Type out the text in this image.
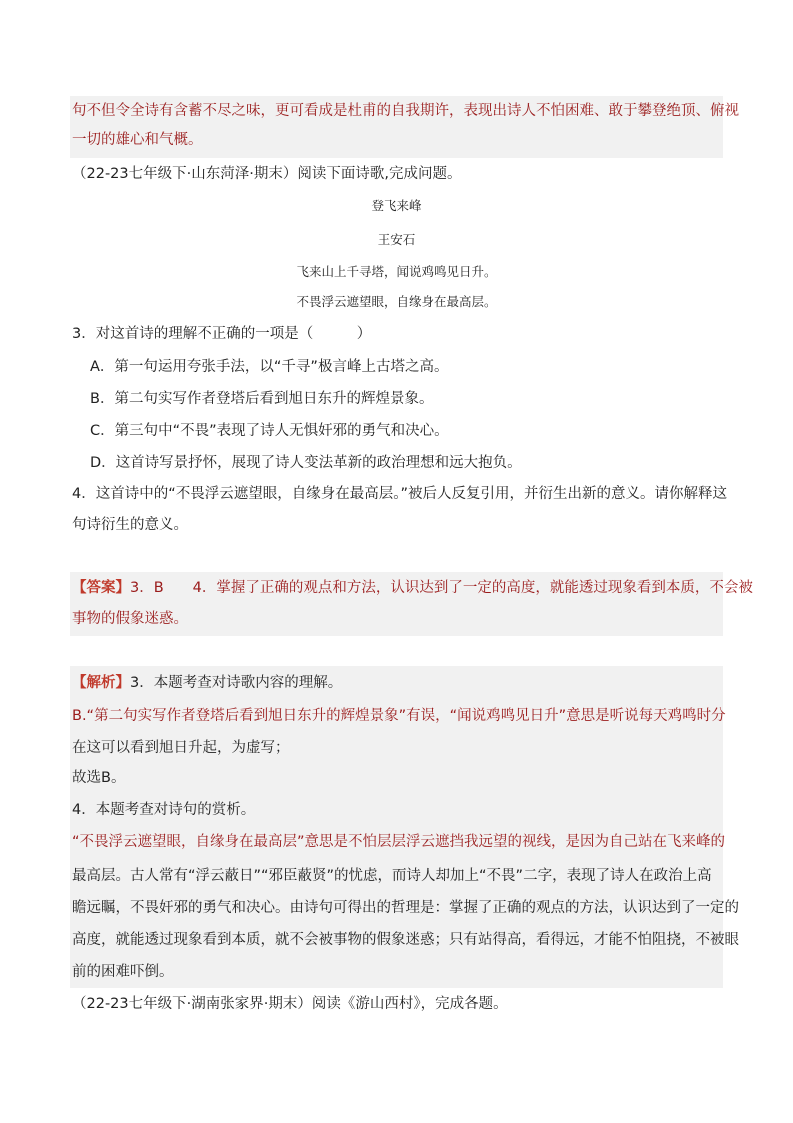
句不但令全诗有含蓄不尽之味，更可看成是杜甫的自我期许，表现出诗人不怕困难、敢于攀登绝顶、俯视
一切的雄心和气概。
（22-23七年级下·山东菏泽·期末）阅读下面诗歌,完成问题。
登飞来峰
王安石
飞来山上千寻塔，闻说鸡鸣见日升。
不畏浮云遮望眼，自缘身在最高层。
3．对这首诗的理解不正确的一项是（　　　）
A．第一句运用夸张手法，以“千寻”极言峰上古塔之高。
B．第二句实写作者登塔后看到旭日东升的辉煌景象。
C．第三句中“不畏”表现了诗人无惧奸邪的勇气和决心。
D．这首诗写景抒怀，展现了诗人变法革新的政治理想和远大抱负。
4．这首诗中的“不畏浮云遮望眼，自缘身在最高层。”被后人反复引用，并衍生出新的意义。请你解释这
句诗衍生的意义。
【答案】3．B　　4．掌握了正确的观点和方法，认识达到了一定的高度，就能透过现象看到本质，不会被
事物的假象迷惑。
【解析】3．本题考查对诗歌内容的理解。
B.“第二句实写作者登塔后看到旭日东升的辉煌景象”有误，“闻说鸡鸣见日升”意思是听说每天鸡鸣时分
在这可以看到旭日升起，为虚写；
故选B。
4．本题考查对诗句的赏析。
“不畏浮云遮望眼，自缘身在最高层”意思是不怕层层浮云遮挡我远望的视线，是因为自己站在飞来峰的
最高层。古人常有“浮云蔽日”“邪臣蔽贤”的忧虑，而诗人却加上“不畏”二字，表现了诗人在政治上高
瞻远瞩，不畏奸邪的勇气和决心。由诗句可得出的哲理是：掌握了正确的观点的方法，认识达到了一定的
高度，就能透过现象看到本质，就不会被事物的假象迷惑；只有站得高，看得远，才能不怕阻挠，不被眼
前的困难吓倒。
（22-23七年级下·湖南张家界·期末）阅读《游山西村》，完成各题。
